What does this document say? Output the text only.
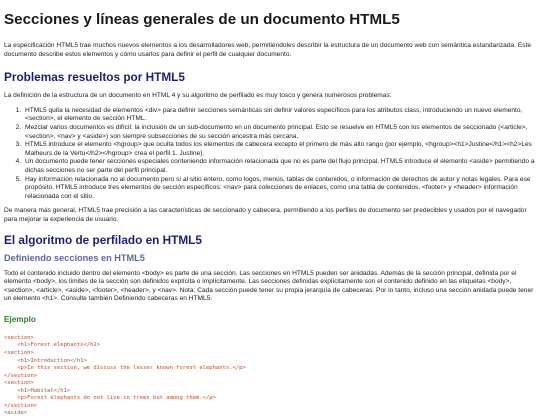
Secciones y líneas generales de un documento HTML5

La especificación HTML5 trae muchos nuevos elementos a los desarrolladores web, permitiéndoles describir la estructura de un documento web con semántica estandarizada. Este documento describe estos elementos y cómo usarlos para definir el perfil de cualquier documento.

Problemas resueltos por HTML5

La definición de la estructura de un documento en HTML 4 y su algoritmo de perfilado es muy tosco y genera numerosos problemas:

1. HTML5 quita la necesidad de elementos <div> para definir secciones semánticas sin definir valores específicos para los atributos class, introduciendo un nuevo elemento, <section>, el elemento de sección HTML.
2. Mezclar varios documentos es difícil: la inclusión de un sub-documento en un documento principal. Esto se resuelve en HTML5 con los elementos de seccionado (<article>, <section>, <nav> y <aside>) son siempre subsecciones de su sección ancestra más cercana.
3. HTML5 introduce el elemento <hgroup> que oculta todos los elementos de cabecera excepto el primero de más alto rango (por ejemplo, <hgroup><h1>Justine</h1><h2>Les Malheurs de la Vertu</h2></hgroup> crea el perfil 1. Justine).
4. Un documento puede tener secciones especiales conteniendo información relacionada que no es parte del flujo principal. HTML5 introduce el elemento <aside> permitiendo a dichas secciones no ser parte del perfil principal.
5. Hay información relacionada no al documento pero sí al sitio entero, como logos, menús, tablas de contenidos, o información de derechos de autor y notas legales. Para ese propósito, HTML5 introduce tres elementos de sección específicos: <nav> para colecciones de enlaces, como una tabla de contenidos, <footer> y <header> información relacionada con el sitio.

De manera más general, HTML5 trae precisión a las características de seccionado y cabecera, permitiendo a los perfiles de documento ser predecibles y usados por el navegador para mejorar la experiencia de usuario.

El algoritmo de perfilado en HTML5
Definiendo secciones en HTML5

Todo el contenido incluido dentro del elemento <body> es parte de una sección. Las secciones en HTML5 pueden ser anidadas. Además de la sección principal, definida por el elemento <body>, los límites de la sección son definidos explícita o implícitamente. Las secciones definidas explícitamente son el contenido definido en las etiquetas <body>, <section>, <article>, <aside>, <footer>, <header>, y <nav>. Nota: Cada sección puede tener su propia jerarquía de cabeceras. Por lo tanto, incluso una sección anidada puede tener un elemento <h1>. Consulte también Definiendo cabeceras en HTML5.

Ejemplo
<section>
<h1>Forest elephants</h1>
<section>
<h1>Introduction</h1>
<p>In this section, we discuss the lesser known forest elephants.</p>
</section>
<section>
<h1>Habitat</h1>
<p>Forest elephants do not live in trees but among them.</p>
</section>
<aside>
